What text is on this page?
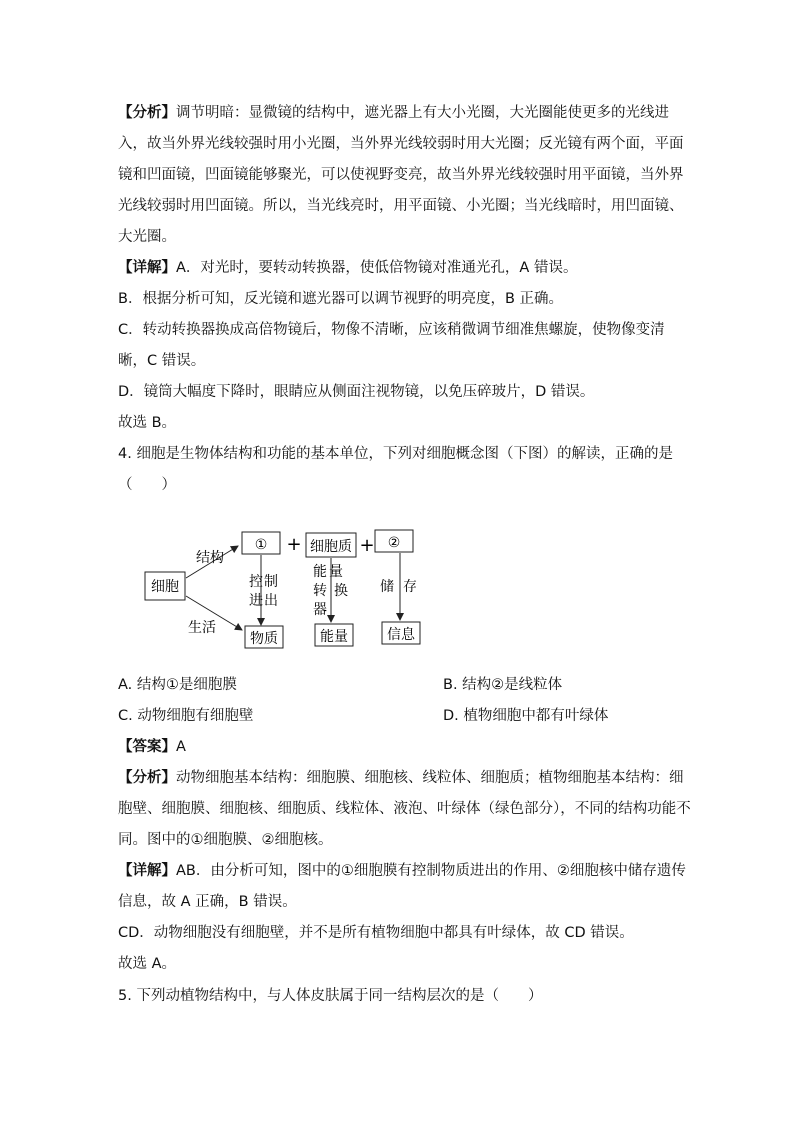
【分析】调节明暗：显微镜的结构中，遮光器上有大小光圈，大光圈能使更多的光线进
入，故当外界光线较强时用小光圈，当外界光线较弱时用大光圈；反光镜有两个面，平面
镜和凹面镜，凹面镜能够聚光，可以使视野变亮，故当外界光线较强时用平面镜，当外界
光线较弱时用凹面镜。所以，当光线亮时，用平面镜、小光圈；当光线暗时，用凹面镜、
大光圈。
【详解】A．对光时，要转动转换器，使低倍物镜对准通光孔，A 错误。
B．根据分析可知，反光镜和遮光器可以调节视野的明亮度，B 正确。
C．转动转换器换成高倍物镜后，物像不清晰，应该稍微调节细准焦螺旋，使物像变清
晰，C 错误。
D．镜筒大幅度下降时，眼睛应从侧面注视物镜，以免压碎玻片，D 错误。
故选 B。
4. 细胞是生物体结构和功能的基本单位，下列对细胞概念图（下图）的解读，正确的是
（　　）
细胞
结构
生活
① + 细胞质 + ②
控 制
进 出
能 量
转 换
器
储 存
物质	能量	信息
A. 结构①是细胞膜	B. 结构②是线粒体
C. 动物细胞有细胞壁	D. 植物细胞中都有叶绿体
【答案】A
【分析】动物细胞基本结构：细胞膜、细胞核、线粒体、细胞质；植物细胞基本结构：细
胞壁、细胞膜、细胞核、细胞质、线粒体、液泡、叶绿体（绿色部分），不同的结构功能不
同。图中的①细胞膜、②细胞核。
【详解】AB．由分析可知，图中的①细胞膜有控制物质进出的作用、②细胞核中储存遗传
信息，故 A 正确，B 错误。
CD．动物细胞没有细胞壁，并不是所有植物细胞中都具有叶绿体，故 CD 错误。
故选 A。
5. 下列动植物结构中，与人体皮肤属于同一结构层次的是（　　）
